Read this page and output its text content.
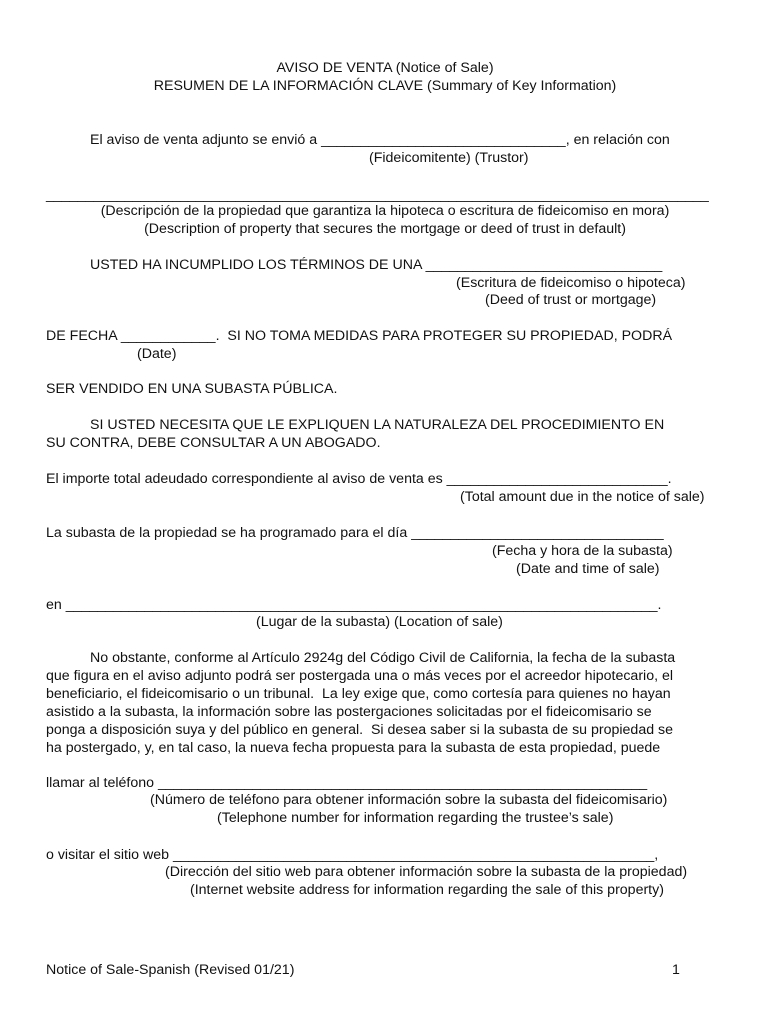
AVISO DE VENTA (Notice of Sale)
RESUMEN DE LA INFORMACIÓN CLAVE (Summary of Key Information)
El aviso de venta adjunto se envió a _______________________________, en relación con
(Fideicomitente) (Trustor)
____________________________________________________________________________________
(Descripción de la propiedad que garantiza la hipoteca o escritura de fideicomiso en mora)
(Description of property that secures the mortgage or deed of trust in default)
USTED HA INCUMPLIDO LOS TÉRMINOS DE UNA ______________________________
(Escritura de fideicomiso o hipoteca)
(Deed of trust or mortgage)
DE FECHA ____________.  SI NO TOMA MEDIDAS PARA PROTEGER SU PROPIEDAD, PODRÁ
(Date)
SER VENDIDO EN UNA SUBASTA PÚBLICA.
SI USTED NECESITA QUE LE EXPLIQUEN LA NATURALEZA DEL PROCEDIMIENTO EN
SU CONTRA, DEBE CONSULTAR A UN ABOGADO.
El importe total adeudado correspondiente al aviso de venta es ____________________________.
(Total amount due in the notice of sale)
La subasta de la propiedad se ha programado para el día ________________________________
(Fecha y hora de la subasta)
(Date and time of sale)
en ___________________________________________________________________________.
(Lugar de la subasta) (Location of sale)
No obstante, conforme al Artículo 2924g del Código Civil de California, la fecha de la subasta
que figura en el aviso adjunto podrá ser postergada una o más veces por el acreedor hipotecario, el
beneficiario, el fideicomisario o un tribunal.  La ley exige que, como cortesía para quienes no hayan
asistido a la subasta, la información sobre las postergaciones solicitadas por el fideicomisario se
ponga a disposición suya y del público en general.  Si desea saber si la subasta de su propiedad se
ha postergado, y, en tal caso, la nueva fecha propuesta para la subasta de esta propiedad, puede
llamar al teléfono ______________________________________________________________
(Número de teléfono para obtener información sobre la subasta del fideicomisario)
(Telephone number for information regarding the trustee’s sale)
o visitar el sitio web _____________________________________________________________,
(Dirección del sitio web para obtener información sobre la subasta de la propiedad)
(Internet website address for information regarding the sale of this property)
Notice of Sale-Spanish (Revised 01/21)	1
